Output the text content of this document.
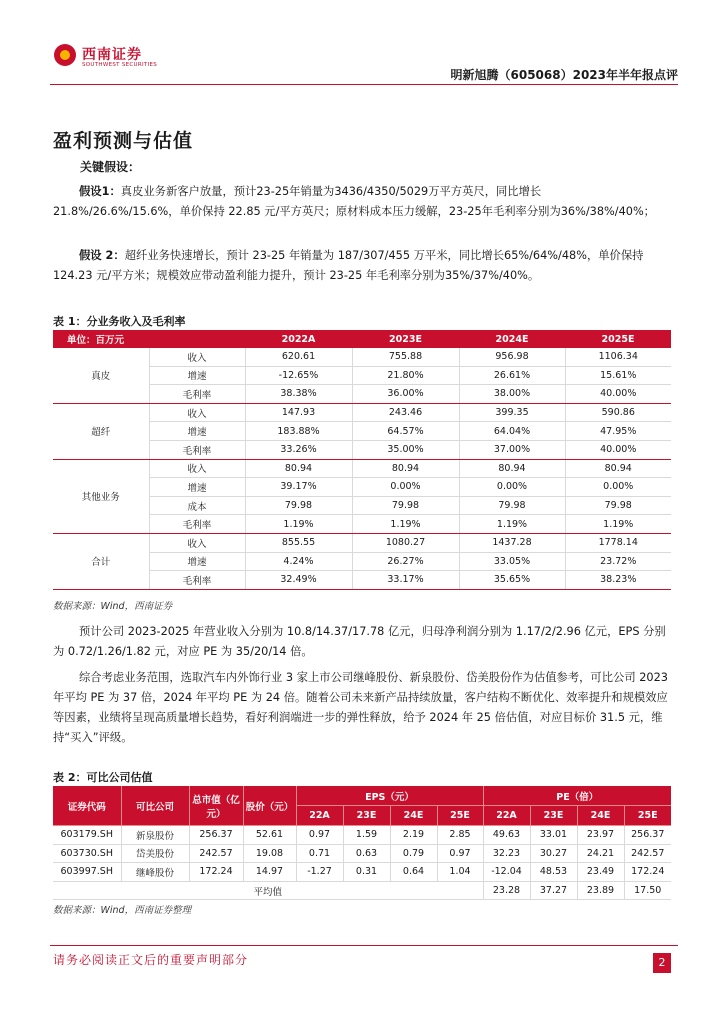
西南证券
SOUTHWEST SECURITIES
明新旭腾（605068）2023年半年报点评
盈利预测与估值
关键假设：
假设1：真皮业务新客户放量，预计23-25年销量为3436/4350/5029万平方英尺，同比增长 21.8%/26.6%/15.6%，单价保持 22.85 元/平方英尺；原材料成本压力缓解，23-25年毛利率分别为36%/38%/40%；
假设 2：超纤业务快速增长，预计 23-25 年销量为 187/307/455 万平米，同比增长65%/64%/48%，单价保持 124.23 元/平方米；规模效应带动盈利能力提升，预计 23-25 年毛利率分别为35%/37%/40%。
表 1：分业务收入及毛利率
单位：百万元		2022A	2023E	2024E	2025E
真皮	收入	620.61	755.88	956.98	1106.34
	增速	-12.65%	21.80%	26.61%	15.61%
	毛利率	38.38%	36.00%	38.00%	40.00%
超纤	收入	147.93	243.46	399.35	590.86
	增速	183.88%	64.57%	64.04%	47.95%
	毛利率	33.26%	35.00%	37.00%	40.00%
其他业务	收入	80.94	80.94	80.94	80.94
	增速	39.17%	0.00%	0.00%	0.00%
	成本	79.98	79.98	79.98	79.98
	毛利率	1.19%	1.19%	1.19%	1.19%
合计	收入	855.55	1080.27	1437.28	1778.14
	增速	4.24%	26.27%	33.05%	23.72%
	毛利率	32.49%	33.17%	35.65%	38.23%
数据来源：Wind，西南证券
预计公司 2023-2025 年营业收入分别为 10.8/14.37/17.78 亿元，归母净利润分别为 1.17/2/2.96 亿元，EPS 分别为 0.72/1.26/1.82 元，对应 PE 为 35/20/14 倍。
综合考虑业务范围，选取汽车内外饰行业 3 家上市公司继峰股份、新泉股份、岱美股份作为估值参考，可比公司 2023 年平均 PE 为 37 倍，2024 年平均 PE 为 24 倍。随着公司未来新产品持续放量，客户结构不断优化、效率提升和规模效应等因素，业绩将呈现高质量增长趋势，看好利润端进一步的弹性释放，给予 2024 年 25 倍估值，对应目标价 31.5 元，维持“买入”评级。
表 2：可比公司估值
证券代码	可比公司	总市值（亿元）	股价（元）	EPS（元）				PE（倍）			
				22A	23E	24E	25E	22A	23E	24E	25E
603179.SH	新泉股份	256.37	52.61	0.97	1.59	2.19	2.85	49.63	33.01	23.97	256.37
603730.SH	岱美股份	242.57	19.08	0.71	0.63	0.79	0.97	32.23	30.27	24.21	242.57
603997.SH	继峰股份	172.24	14.97	-1.27	0.31	0.64	1.04	-12.04	48.53	23.49	172.24
平均值								23.28	37.27	23.89	17.50
数据来源：Wind，西南证券整理
请务必阅读正文后的重要声明部分	2
